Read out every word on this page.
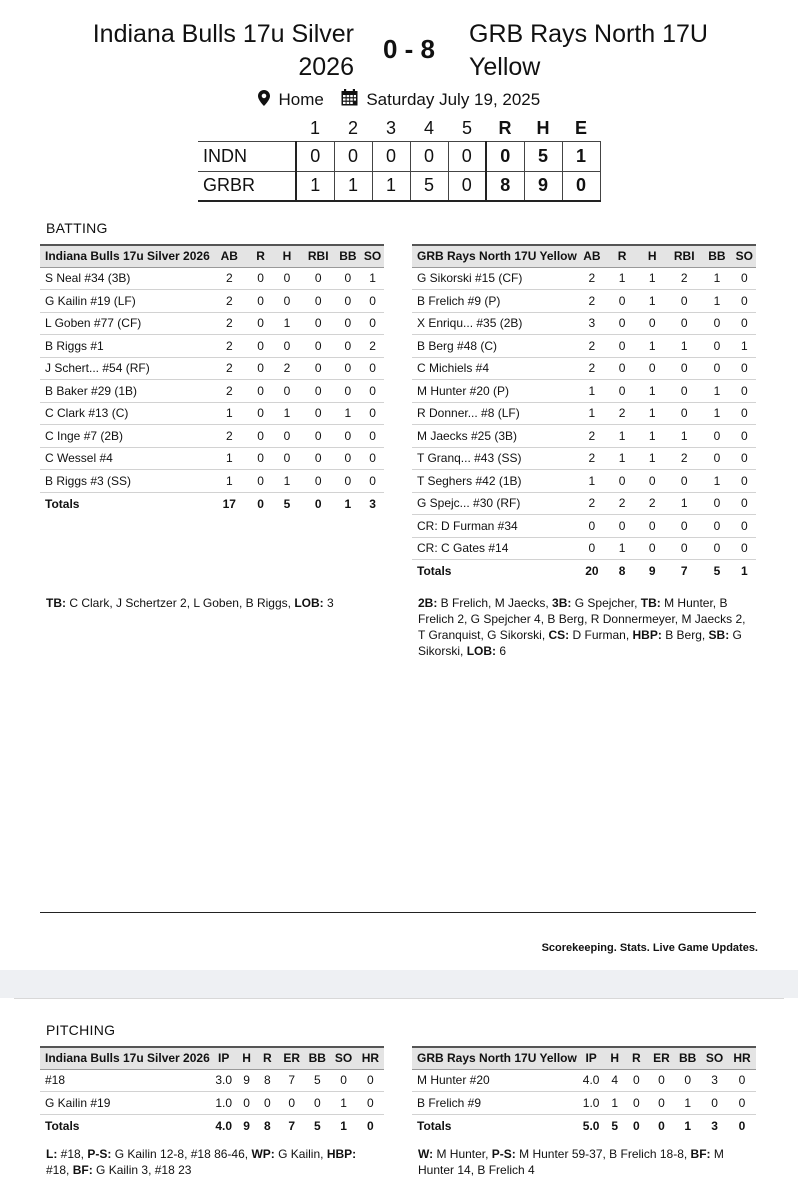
Indiana Bulls 17u Silver 2026
0 - 8	GRB Rays North 17U Yellow
Home Saturday July 19, 2025
	1	2	3	4	5	R	H	E
INDN	0	0	0	0	0	0	5	1
GRBR	1	1	1	5	0	8	9	0
BATTING
Indiana Bulls 17u Silver 2026	AB	R	H	RBI	BB	SO
S Neal #34 (3B)	2	0	0	0	0	1
G Kailin #19 (LF)	2	0	0	0	0	0
L Goben #77 (CF)	2	0	1	0	0	0
B Riggs #1	2	0	0	0	0	2
J Schert... #54 (RF)	2	0	2	0	0	0
B Baker #29 (1B)	2	0	0	0	0	0
C Clark #13 (C)	1	0	1	0	1	0
C Inge #7 (2B)	2	0	0	0	0	0
C Wessel #4	1	0	0	0	0	0
B Riggs #3 (SS)	1	0	1	0	0	0
Totals	17	0	5	0	1	3
GRB Rays North 17U Yellow	AB	R	H	RBI	BB	SO
G Sikorski #15 (CF)	2	1	1	2	1	0
B Frelich #9 (P)	2	0	1	0	1	0
X Enriqu... #35 (2B)	3	0	0	0	0	0
B Berg #48 (C)	2	0	1	1	0	1
C Michiels #4	2	0	0	0	0	0
M Hunter #20 (P)	1	0	1	0	1	0
R Donner... #8 (LF)	1	2	1	0	1	0
M Jaecks #25 (3B)	2	1	1	1	0	0
T Granq... #43 (SS)	2	1	1	2	0	0
T Seghers #42 (1B)	1	0	0	0	1	0
G Spejc... #30 (RF)	2	2	2	1	0	0
CR: D Furman #34	0	0	0	0	0	0
CR: C Gates #14	0	1	0	0	0	0
Totals	20	8	9	7	5	1
TB: C Clark, J Schertzer 2, L Goben, B Riggs, LOB: 3	2B: B Frelich, M Jaecks, 3B: G Spejcher, TB: M Hunter, B Frelich 2, G Spejcher 4, B Berg, R Donnermeyer, M Jaecks 2, T Granquist, G Sikorski, CS: D Furman, HBP: B Berg, SB: G Sikorski, LOB: 6
Scorekeeping. Stats. Live Game Updates.
PITCHING
Indiana Bulls 17u Silver 2026	IP	H	R	ER	BB	SO	HR
#18	3.0	9	8	7	5	0	0
G Kailin #19	1.0	0	0	0	0	1	0
Totals	4.0	9	8	7	5	1	0
GRB Rays North 17U Yellow	IP	H	R	ER	BB	SO	HR
M Hunter #20	4.0	4	0	0	0	3	0
B Frelich #9	1.0	1	0	0	1	0	0
Totals	5.0	5	0	0	1	3	0
L: #18, P-S: G Kailin 12-8, #18 86-46, WP: G Kailin, HBP: #18, BF: G Kailin 3, #18 23
W: M Hunter, P-S: M Hunter 59-37, B Frelich 18-8, BF: M Hunter 14, B Frelich 4
